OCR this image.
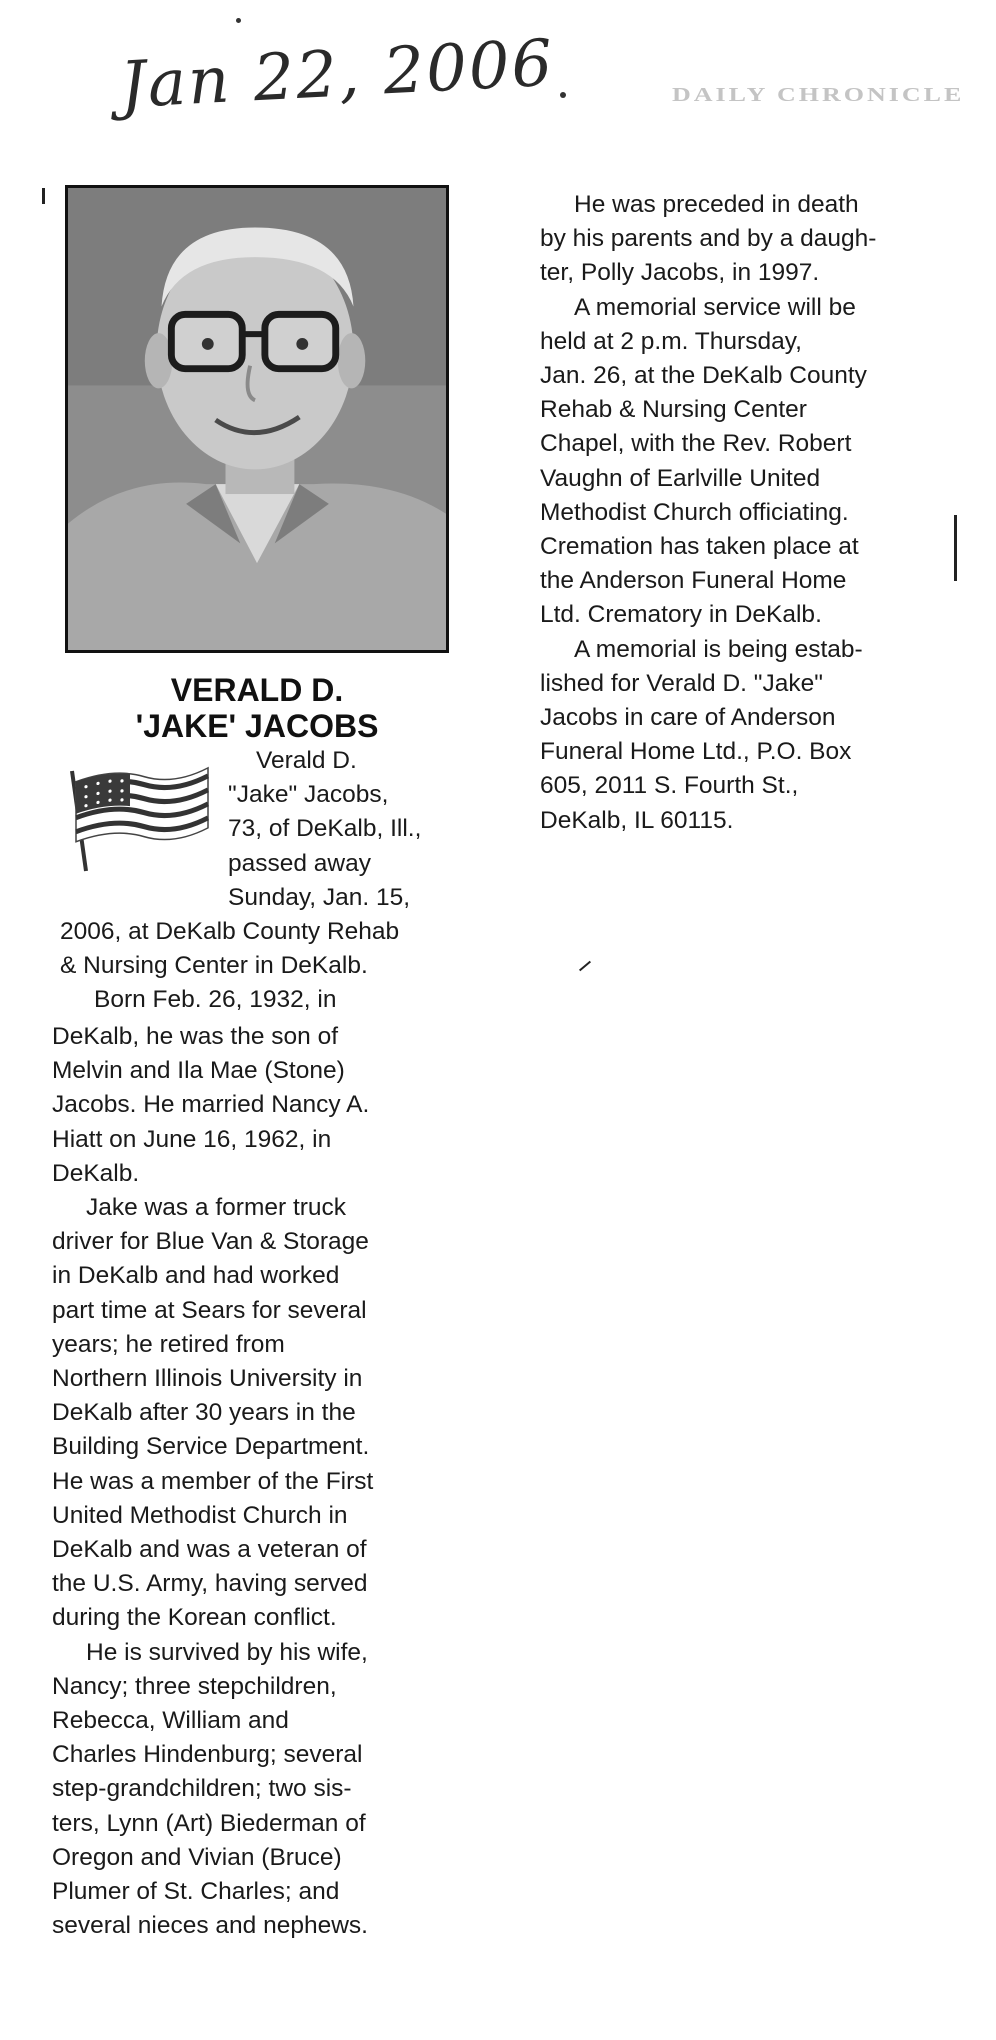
Jan 22, 2006	DAILY CHRONICLE
VERALD D.
'JAKE' JACOBS
Verald D.
"Jake" Jacobs,
73, of DeKalb, Ill.,
passed away
Sunday, Jan. 15,
2006, at DeKalb County Rehab
& Nursing Center in DeKalb.
Born Feb. 26, 1932, in
DeKalb, he was the son of
Melvin and Ila Mae (Stone)
Jacobs. He married Nancy A.
Hiatt on June 16, 1962, in
DeKalb.
Jake was a former truck
driver for Blue Van & Storage
in DeKalb and had worked
part time at Sears for several
years; he retired from
Northern Illinois University in
DeKalb after 30 years in the
Building Service Department.
He was a member of the First
United Methodist Church in
DeKalb and was a veteran of
the U.S. Army, having served
during the Korean conflict.
He is survived by his wife,
Nancy; three stepchildren,
Rebecca, William and
Charles Hindenburg; several
step-grandchildren; two sis-
ters, Lynn (Art) Biederman of
Oregon and Vivian (Bruce)
Plumer of St. Charles; and
several nieces and nephews.
He was preceded in death
by his parents and by a daugh-
ter, Polly Jacobs, in 1997.
A memorial service will be
held at 2 p.m. Thursday,
Jan. 26, at the DeKalb County
Rehab & Nursing Center
Chapel, with the Rev. Robert
Vaughn of Earlville United
Methodist Church officiating.
Cremation has taken place at
the Anderson Funeral Home
Ltd. Crematory in DeKalb.
A memorial is being estab-
lished for Verald D. "Jake"
Jacobs in care of Anderson
Funeral Home Ltd., P.O. Box
605, 2011 S. Fourth St.,
DeKalb, IL 60115.
